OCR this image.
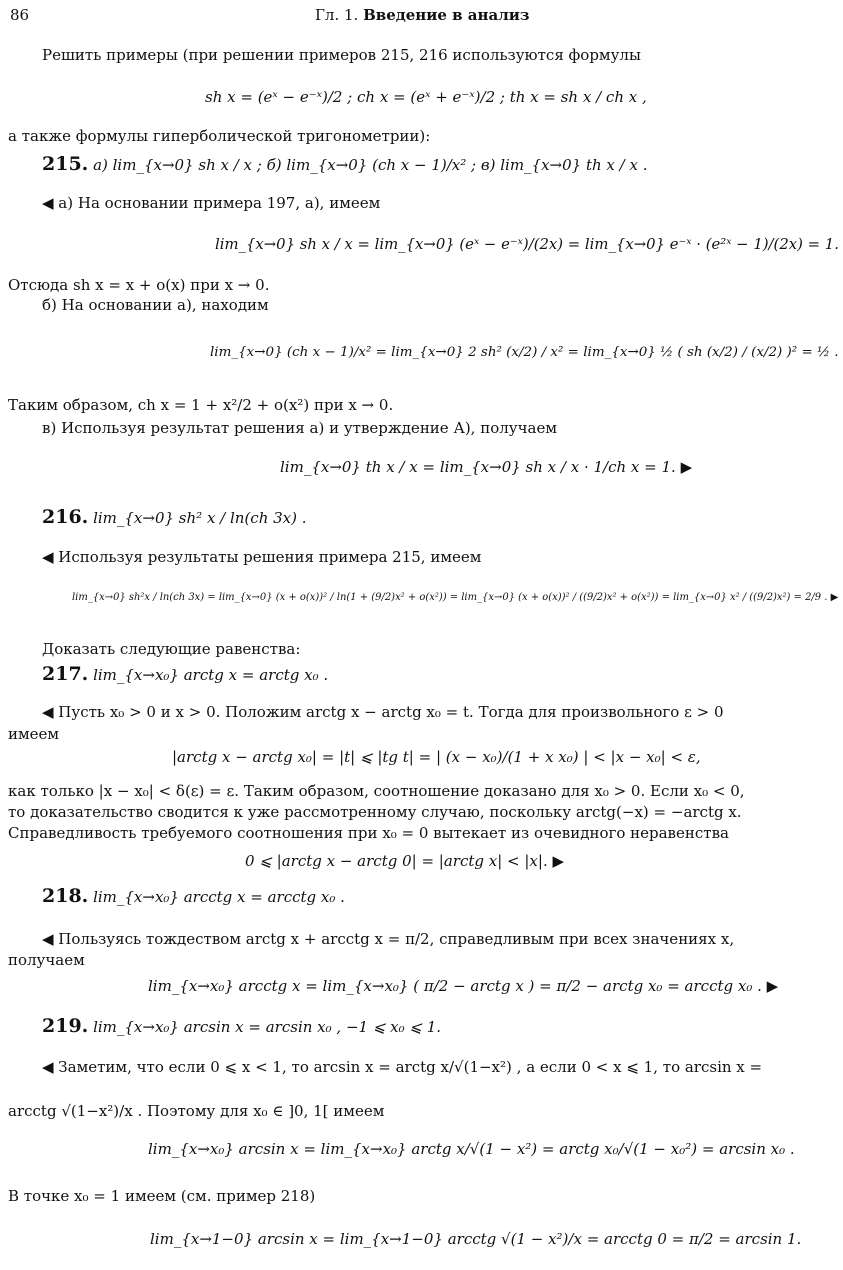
86	Гл. 1. Введение в анализ
Решить примеры (при решении примеров 215, 216 используются формулы
sh x = (eˣ − e⁻ˣ)/2 ; ch x = (eˣ + e⁻ˣ)/2 ; th x = sh x / ch x ,
а также формулы гиперболической тригонометрии):
215. а) lim_{x→0} sh x / x ; б) lim_{x→0} (ch x − 1)/x² ; в) lim_{x→0} th x / x .
◀ а) На основании примера 197, а), имеем
lim_{x→0} sh x / x = lim_{x→0} (eˣ − e⁻ˣ)/(2x) = lim_{x→0} e⁻ˣ · (e²ˣ − 1)/(2x) = 1.
Отсюда sh x = x + o(x) при x → 0.
б) На основании а), находим
lim_{x→0} (ch x − 1)/x² = lim_{x→0} 2 sh² (x/2) / x² = lim_{x→0} ½ ( sh (x/2) / (x/2) )² = ½ .
Таким образом, ch x = 1 + x²/2 + o(x²) при x → 0.
в) Используя результат решения а) и утверждение А), получаем
lim_{x→0} th x / x = lim_{x→0} sh x / x · 1/ch x = 1. ▶
216. lim_{x→0} sh² x / ln(ch 3x) .
◀ Используя результаты решения примера 215, имеем
lim_{x→0} sh²x / ln(ch 3x) = lim_{x→0} (x + o(x))² / ln(1 + (9/2)x² + o(x²)) = lim_{x→0} (x + o(x))² / ((9/2)x² + o(x²)) = lim_{x→0} x² / ((9/2)x²) = 2/9 . ▶
Доказать следующие равенства:
217. lim_{x→x₀} arctg x = arctg x₀ .
◀ Пусть x₀ > 0 и x > 0. Положим arctg x − arctg x₀ = t. Тогда для произвольного ε > 0
имеем
|arctg x − arctg x₀| = |t| ⩽ |tg t| = | (x − x₀)/(1 + x x₀) | < |x − x₀| < ε,
как только |x − x₀| < δ(ε) = ε. Таким образом, соотношение доказано для x₀ > 0. Если x₀ < 0,
то доказательство сводится к уже рассмотренному случаю, поскольку arctg(−x) = −arctg x.
Справедливость требуемого соотношения при x₀ = 0 вытекает из очевидного неравенства
0 ⩽ |arctg x − arctg 0| = |arctg x| < |x|. ▶
218. lim_{x→x₀} arcctg x = arcctg x₀ .
◀ Пользуясь тождеством arctg x + arcctg x = π/2, справедливым при всех значениях x,
получаем
lim_{x→x₀} arcctg x = lim_{x→x₀} ( π/2 − arctg x ) = π/2 − arctg x₀ = arcctg x₀ . ▶
219. lim_{x→x₀} arcsin x = arcsin x₀ , −1 ⩽ x₀ ⩽ 1.
◀ Заметим, что если 0 ⩽ x < 1, то arcsin x = arctg x/√(1−x²) , а если 0 < x ⩽ 1, то arcsin x =
arcctg √(1−x²)/x . Поэтому для x₀ ∈ ]0, 1[ имеем
lim_{x→x₀} arcsin x = lim_{x→x₀} arctg x/√(1 − x²) = arctg x₀/√(1 − x₀²) = arcsin x₀ .
В точке x₀ = 1 имеем (см. пример 218)
lim_{x→1−0} arcsin x = lim_{x→1−0} arcctg √(1 − x²)/x = arcctg 0 = π/2 = arcsin 1.
